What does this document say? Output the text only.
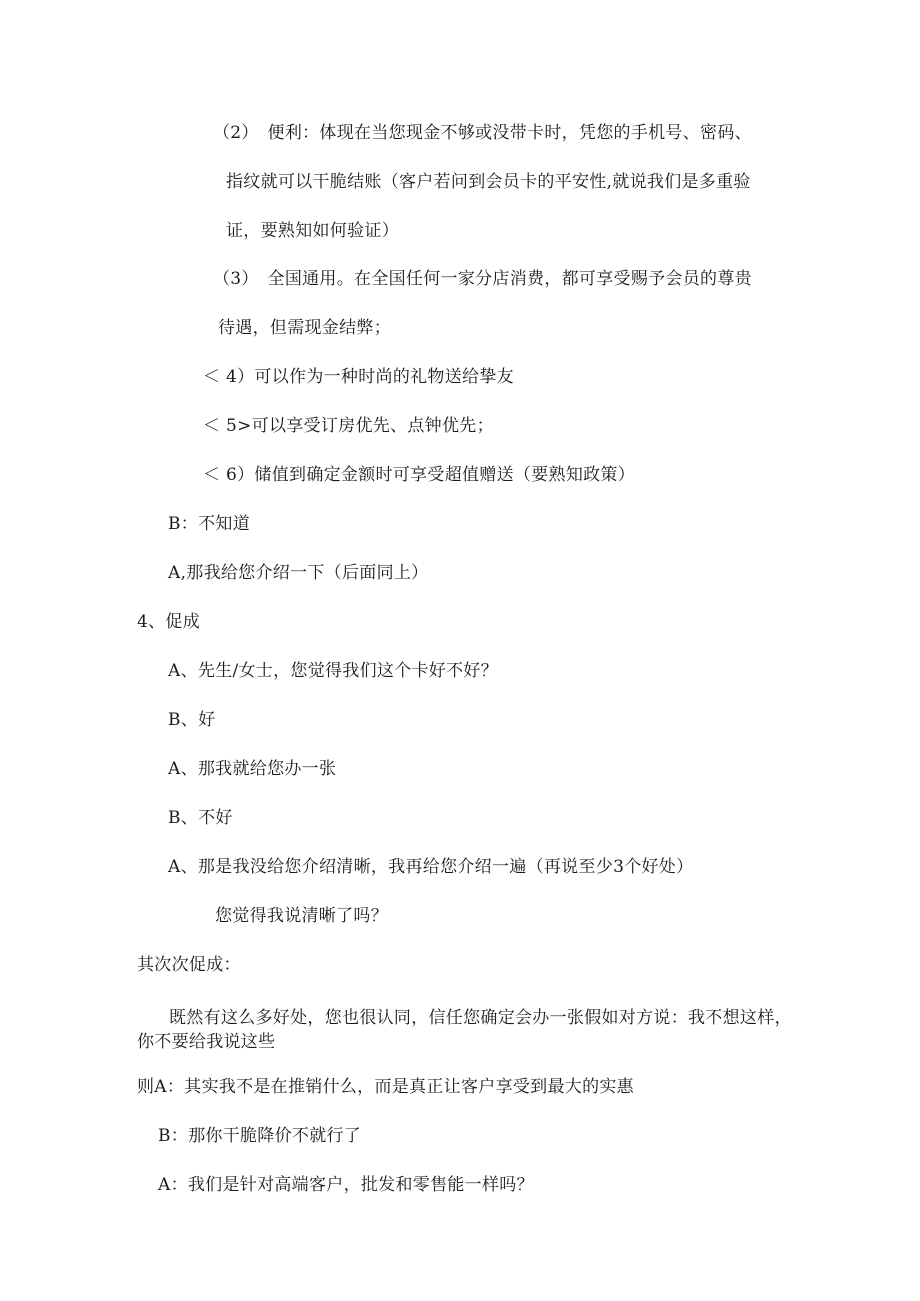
（2）　便利：体现在当您现金不够或没带卡时，凭您的手机号、密码、
指纹就可以干脆结账（客户若问到会员卡的平安性,就说我们是多重验
证，要熟知如何验证）
（3）　全国通用。在全国任何一家分店消费，都可享受赐予会员的尊贵
待遇，但需现金结弊；
＜ 4）可以作为一种时尚的礼物送给挚友
＜ 5>可以享受订房优先、点钟优先；
＜ 6）储值到确定金额时可享受超值赠送（要熟知政策）
B：不知道
A,那我给您介绍一下（后面同上）
4、促成
A、先生/女士，您觉得我们这个卡好不好？
B、好
A、那我就给您办一张
B、不好
A、那是我没给您介绍清晰，我再给您介绍一遍（再说至少3个好处）
您觉得我说清晰了吗？
其次次促成：
既然有这么多好处，您也很认同，信任您确定会办一张假如对方说：我不想这样，你不要给我说这些
则A：其实我不是在推销什么，而是真正让客户享受到最大的实惠
B：那你干脆降价不就行了
A：我们是针对高端客户，批发和零售能一样吗？
